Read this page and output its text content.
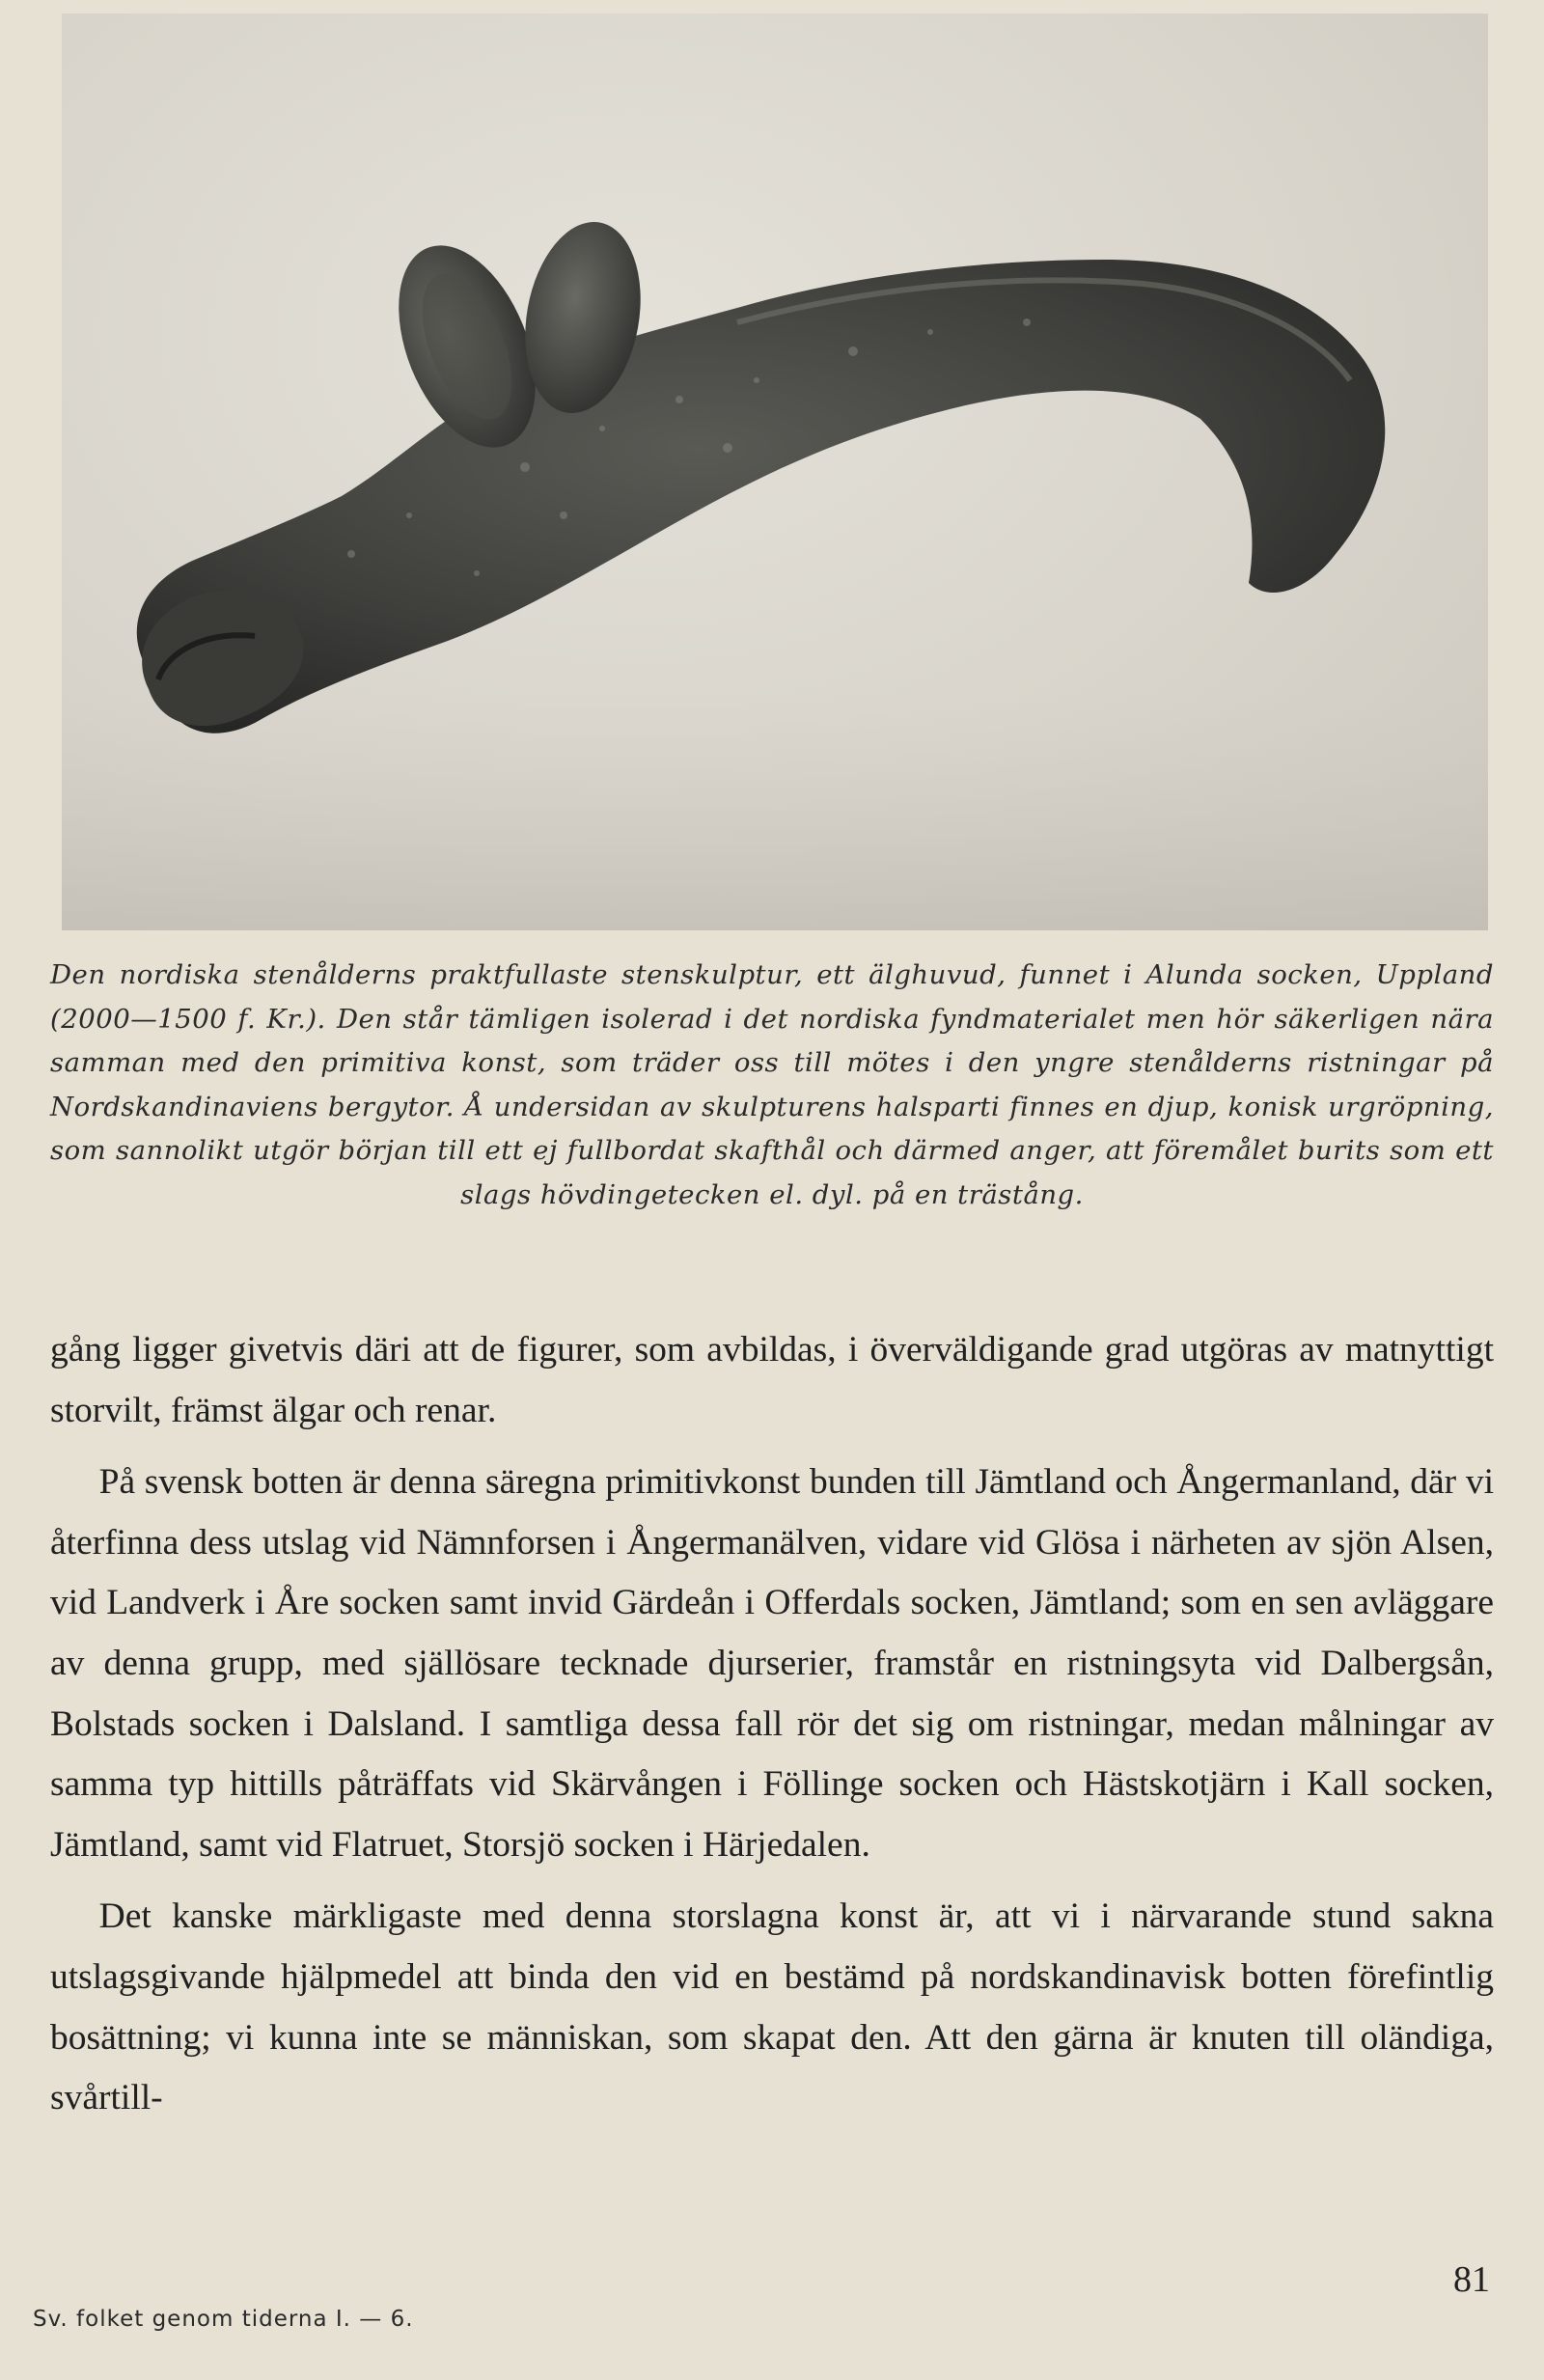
Den nordiska stenålderns praktfullaste stenskulptur, ett älghuvud, funnet i Alunda socken, Uppland (2000—1500 f. Kr.). Den står tämligen isolerad i det nordiska fyndmaterialet men hör säkerligen nära samman med den primitiva konst, som träder oss till mötes i den yngre stenålderns ristningar på Nordskandinaviens bergytor. Å undersidan av skulpturens halsparti finnes en djup, konisk urgröpning, som sannolikt utgör början till ett ej fullbordat skafthål och därmed anger, att föremålet burits som ett slags hövdingetecken el. dyl. på en trästång.

gång ligger givetvis däri att de figurer, som avbildas, i överväldigande grad utgöras av matnyttigt storvilt, främst älgar och renar.

På svensk botten är denna säregna primitivkonst bunden till Jämtland och Ångermanland, där vi återfinna dess utslag vid Nämnforsen i Ångermanälven, vidare vid Glösa i närheten av sjön Alsen, vid Landverk i Åre socken samt invid Gärdeån i Offerdals socken, Jämtland; som en sen avläggare av denna grupp, med själlösare tecknade djurserier, framstår en ristningsyta vid Dalbergsån, Bolstads socken i Dalsland. I samtliga dessa fall rör det sig om ristningar, medan målningar av samma typ hittills påträffats vid Skärvången i Föllinge socken och Hästskotjärn i Kall socken, Jämtland, samt vid Flatruet, Storsjö socken i Härjedalen.

Det kanske märkligaste med denna storslagna konst är, att vi i närvarande stund sakna utslagsgivande hjälpmedel att binda den vid en bestämd på nordskandinavisk botten förefintlig bosättning; vi kunna inte se människan, som skapat den. Att den gärna är knuten till oländiga, svårtill-

81
Sv. folket genom tiderna I. — 6.
